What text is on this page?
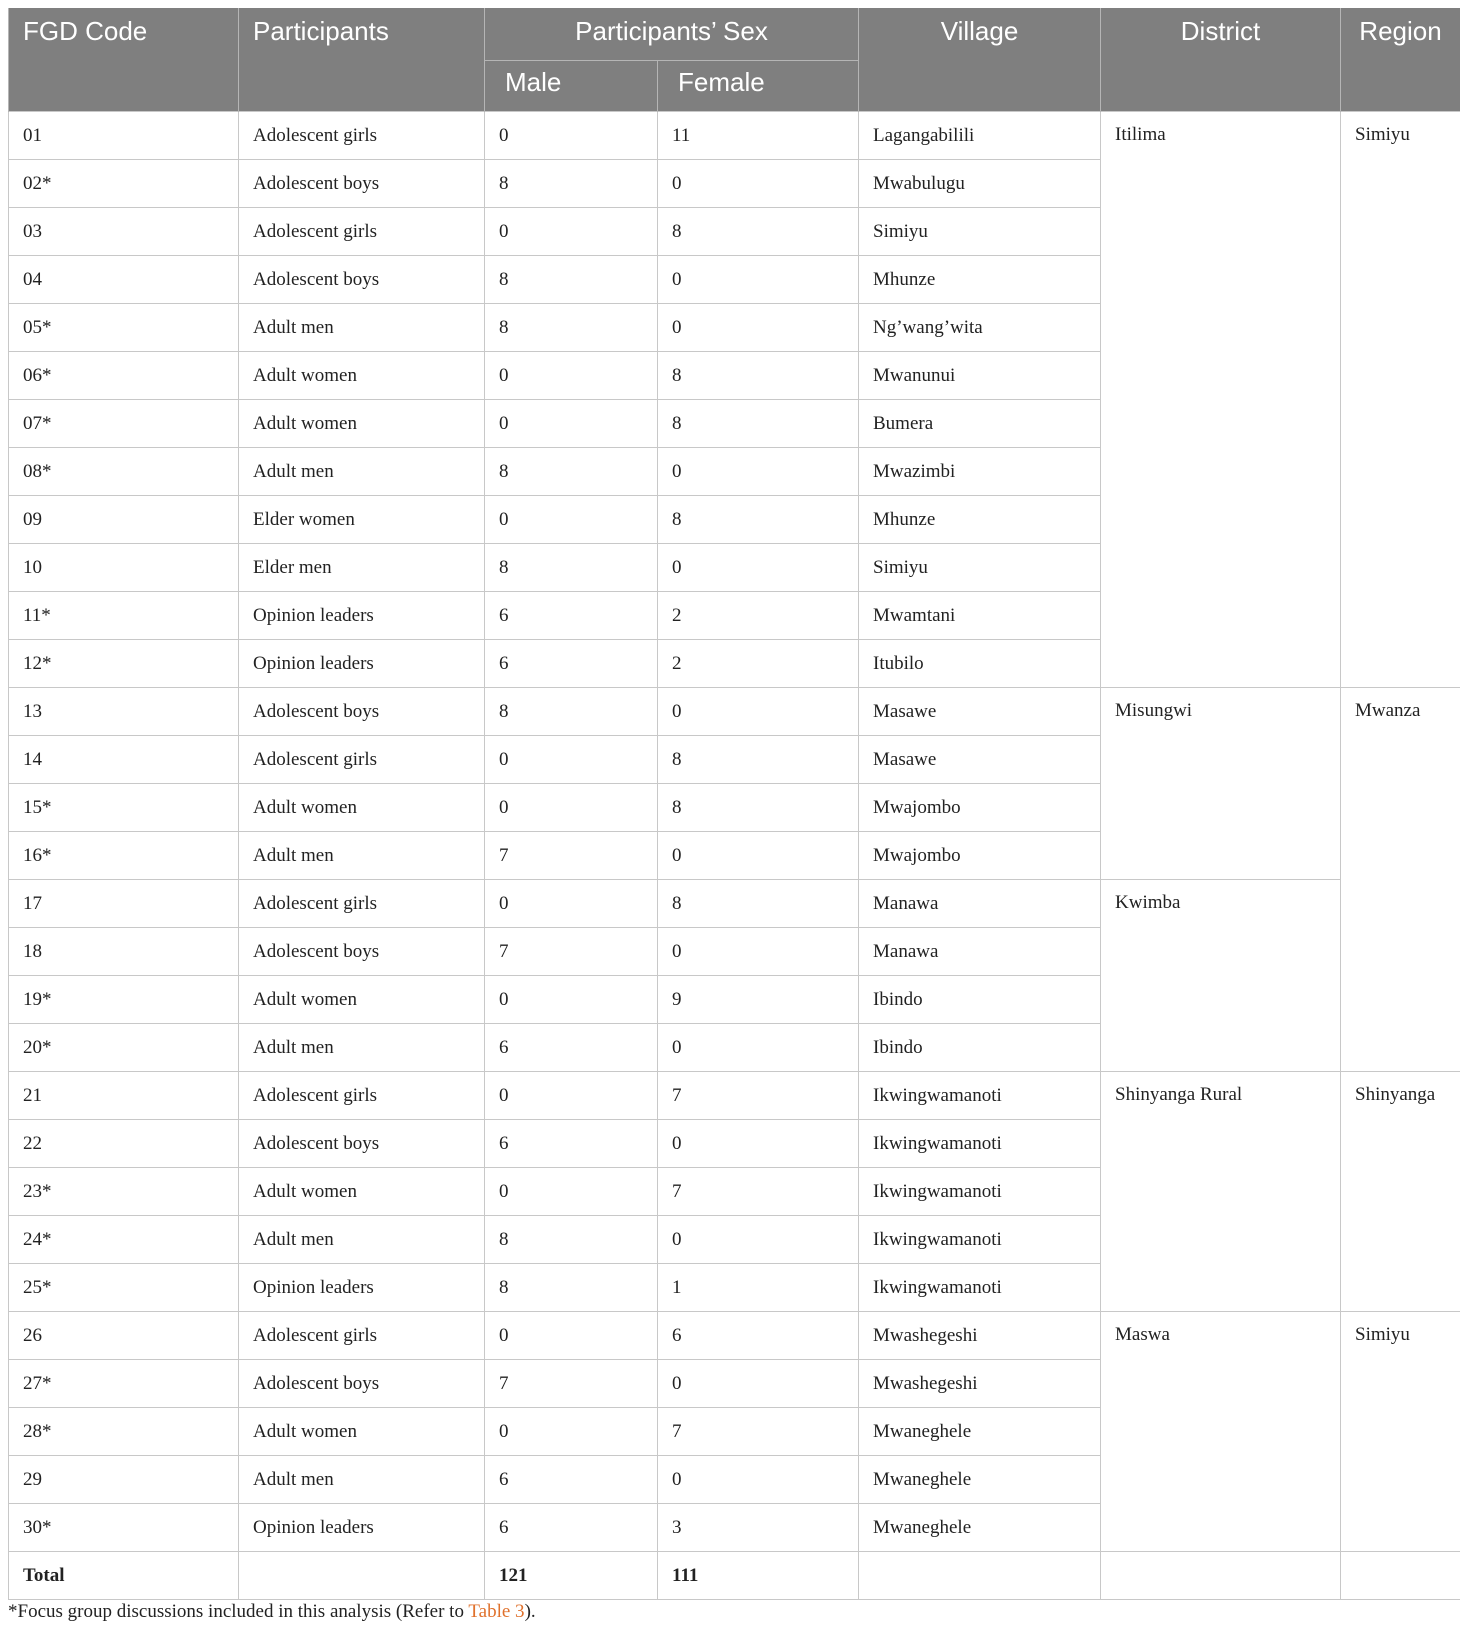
FGD Code	Participants	Participants’ Sex		Village	District	Region
		Male	Female			
01	Adolescent girls	0	11	Lagangabilili	Itilima	Simiyu
02*	Adolescent boys	8	0	Mwabulugu		
03	Adolescent girls	0	8	Simiyu		
04	Adolescent boys	8	0	Mhunze		
05*	Adult men	8	0	Ng’wang’wita		
06*	Adult women	0	8	Mwanunui		
07*	Adult women	0	8	Bumera		
08*	Adult men	8	0	Mwazimbi		
09	Elder women	0	8	Mhunze		
10	Elder men	8	0	Simiyu		
11*	Opinion leaders	6	2	Mwamtani		
12*	Opinion leaders	6	2	Itubilo		
13	Adolescent boys	8	0	Masawe	Misungwi	Mwanza
14	Adolescent girls	0	8	Masawe		
15*	Adult women	0	8	Mwajombo		
16*	Adult men	7	0	Mwajombo		
17	Adolescent girls	0	8	Manawa	Kwimba	
18	Adolescent boys	7	0	Manawa		
19*	Adult women	0	9	Ibindo		
20*	Adult men	6	0	Ibindo		
21	Adolescent girls	0	7	Ikwingwamanoti	Shinyanga Rural	Shinyanga
22	Adolescent boys	6	0	Ikwingwamanoti		
23*	Adult women	0	7	Ikwingwamanoti		
24*	Adult men	8	0	Ikwingwamanoti		
25*	Opinion leaders	8	1	Ikwingwamanoti		
26	Adolescent girls	0	6	Mwashegeshi	Maswa	Simiyu
27*	Adolescent boys	7	0	Mwashegeshi		
28*	Adult women	0	7	Mwaneghele		
29	Adult men	6	0	Mwaneghele		
30*	Opinion leaders	6	3	Mwaneghele		
Total		121	111			
*Focus group discussions included in this analysis (Refer to Table 3).
